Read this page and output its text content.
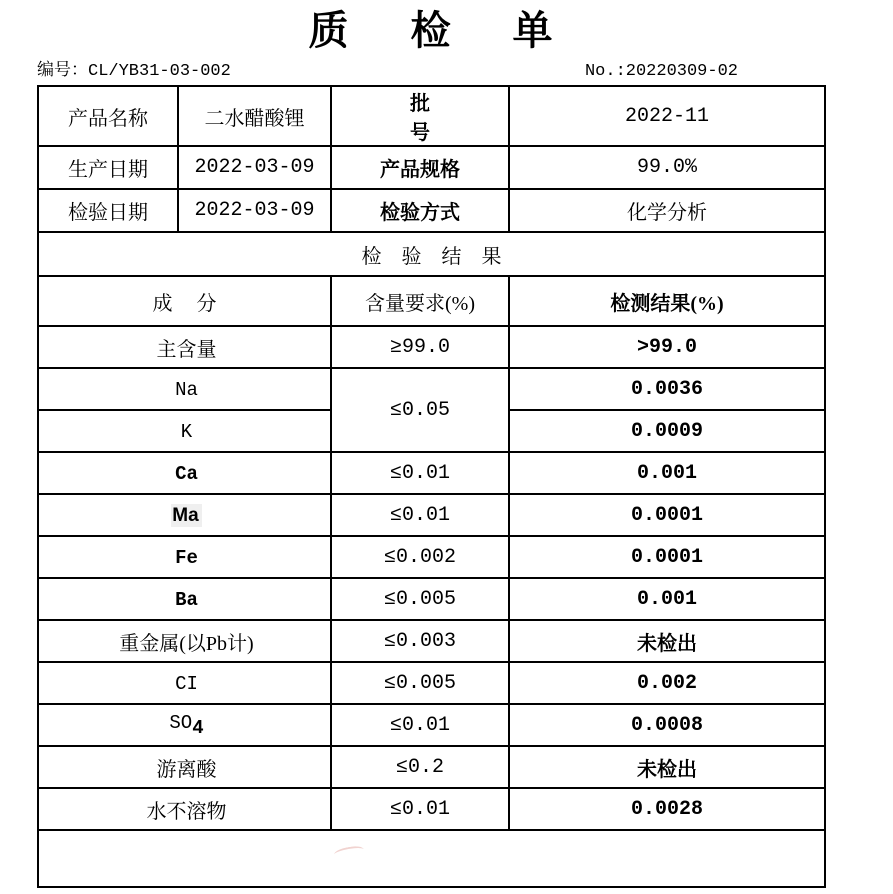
质检单
编号：CL/YB31-03-002	No.:20220309-02
产品名称	二水醋酸锂	批号	2022-11
生产日期	2022-03-09	产品规格	99.0%
检验日期	2022-03-09	检验方式	化学分析
检验结果			
成分		含量要求(%)	检测结果(%)
主含量		≥99.0	>99.0
Na		≤0.05	0.0036
K			0.0009
Ca		≤0.01	0.001
Ma		≤0.01	0.0001
Fe		≤0.002	0.0001
Ba		≤0.005	0.001
重金属(以Pb计)		≤0.003	未检出
CI		≤0.005	0.002
$SO_4$		≤0.01	0.0008
游离酸		≤0.2	未检出
水不溶物		≤0.01	0.0028
